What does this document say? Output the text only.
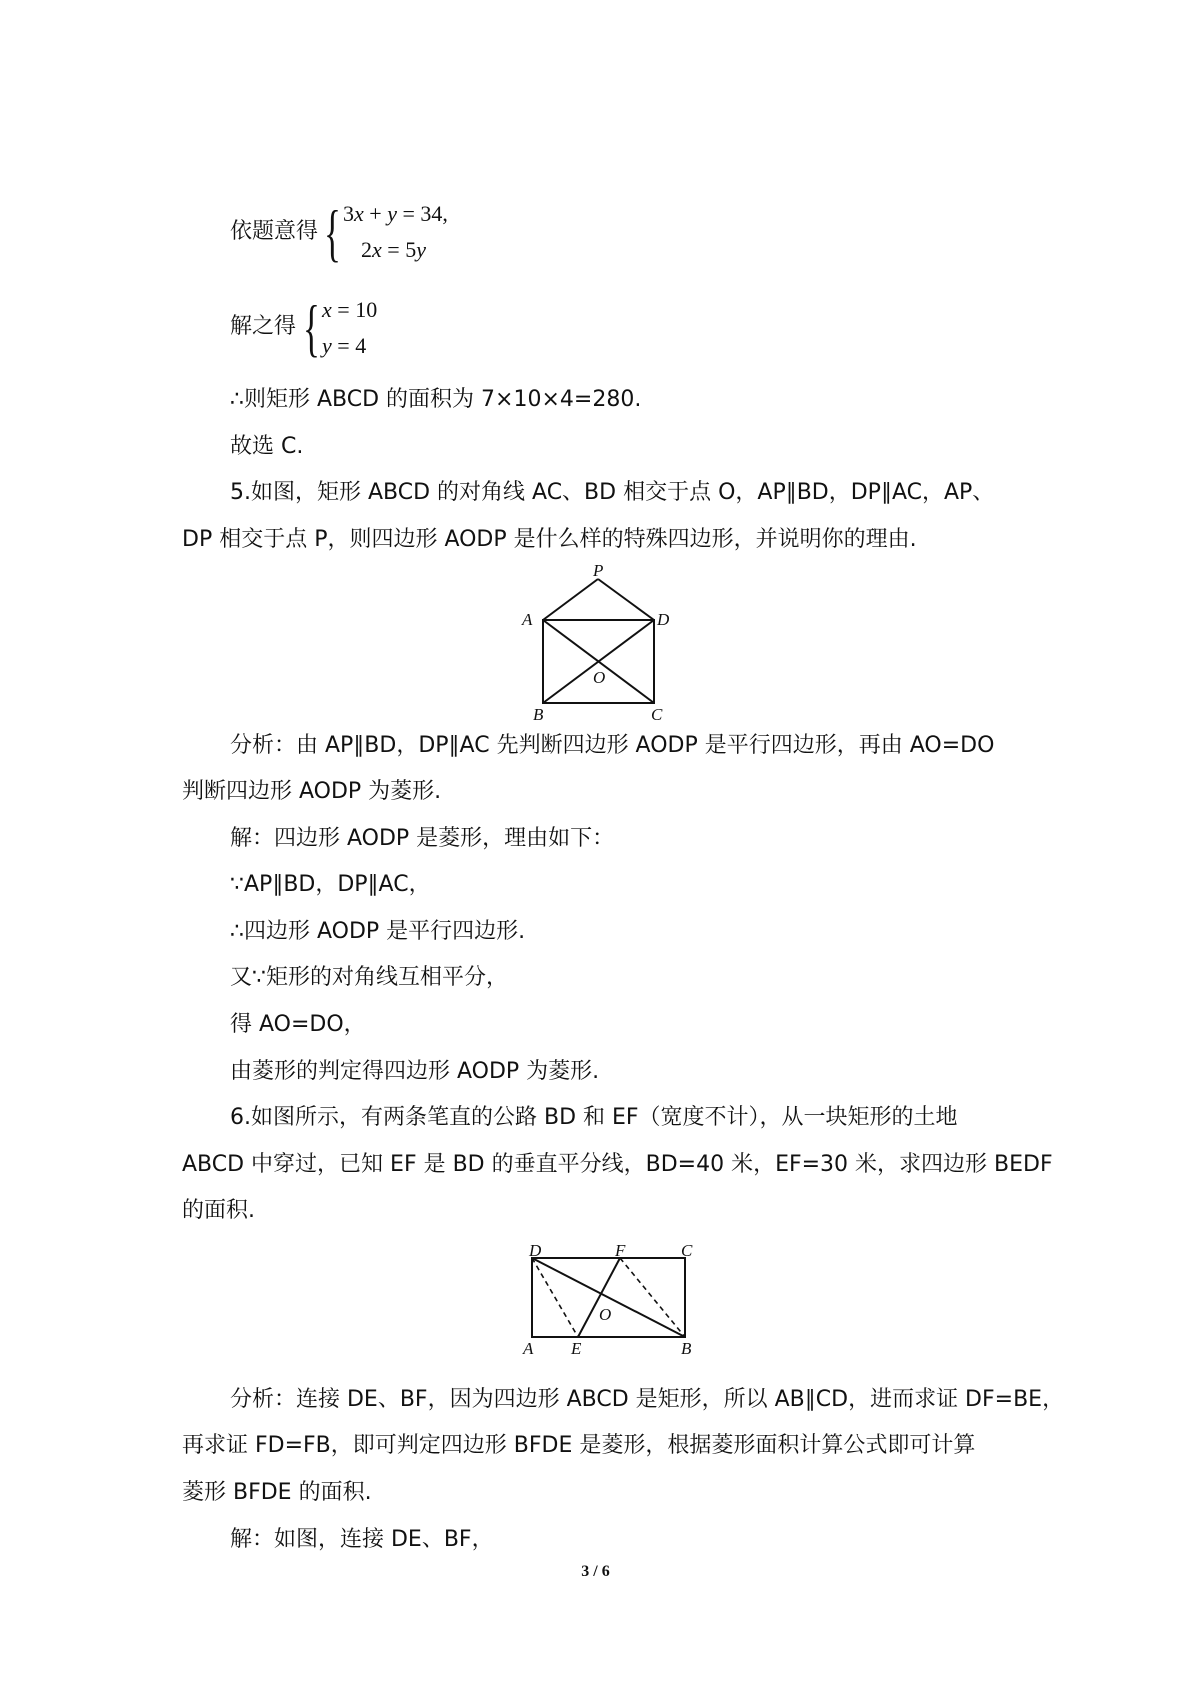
依题意得 { 3x + y = 34,
2x = 5y
解之得 { x = 10
y = 4
∴则矩形 ABCD 的面积为 7×10×4=280.
故选 C.
5.如图，矩形 ABCD 的对角线 AC、BD 相交于点 O，AP∥BD，DP∥AC，AP、
DP 相交于点 P，则四边形 AODP 是什么样的特殊四边形，并说明你的理由.
P
A	D
O
B	C
分析：由 AP∥BD，DP∥AC 先判断四边形 AODP 是平行四边形，再由 AO=DO
判断四边形 AODP 为菱形.
解：四边形 AODP 是菱形，理由如下：
∵AP∥BD，DP∥AC，
∴四边形 AODP 是平行四边形.
又∵矩形的对角线互相平分，
得 AO=DO，
由菱形的判定得四边形 AODP 为菱形.
6.如图所示，有两条笔直的公路 BD 和 EF（宽度不计），从一块矩形的土地
ABCD 中穿过，已知 EF 是 BD 的垂直平分线，BD=40 米，EF=30 米，求四边形 BEDF
的面积.
D	F	C
O
A E	B
分析：连接 DE、BF，因为四边形 ABCD 是矩形，所以 AB∥CD，进而求证 DF=BE，
再求证 FD=FB，即可判定四边形 BFDE 是菱形，根据菱形面积计算公式即可计算
菱形 BFDE 的面积.
解：如图，连接 DE、BF，
3 / 6
